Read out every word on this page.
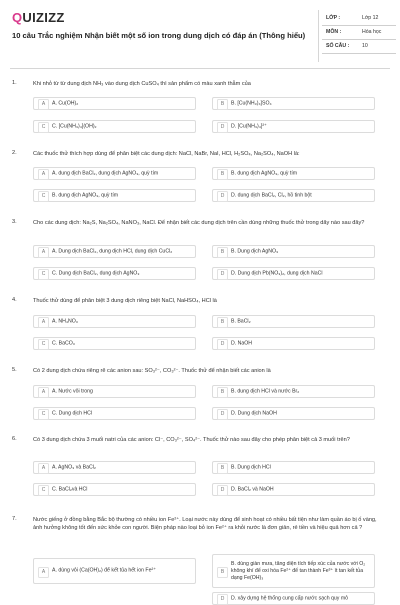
QUIZIZZ
10 câu Trắc nghiệm Nhận biết một số ion trong dung dịch có đáp án (Thông hiểu)
LỚP :	Lớp 12
MÔN :	Hóa học
SỐ CÂU : 10
1.	Khi nhỏ từ từ dung dịch NH₃ vào dung dịch CuSO₄ thì sản phẩm có màu xanh thẫm của
A	A. Cu(OH)₂	B	B. [Cu(NH₃)₄]SO₄
C	C. [Cu(NH₃)₄](OH)₂	D	D. [Cu(NH₃)₄]²⁺
2.	Các thuốc thử thích hợp dùng để phân biệt các dung dịch: NaCl, NaBr, NaI, HCl, H₂SO₄, Na₂SO₄, NaOH là:
A	A. dung dịch BaCl₂, dung dịch AgNO₃, quỳ tím	B	B. dung dịch AgNO₃, quỳ tím
C	B. dung dịch AgNO₃, quỳ tím	D	D. dung dịch BaCl₂, Cl₂, hồ tinh bột
3.	Cho các dung dịch: Na₂S, Na₂SO₄, NaNO₃, NaCl. Để nhận biết các dung dịch trên cần dùng những thuốc thử trong dãy nào sau đây?
A	A. Dung dịch BaCl₂, dung dịch HCl, dung dịch CuCl₂	B	B. Dung dịch AgNO₃
C	C. Dung dịch BaCl₂, dung dịch AgNO₃	D	D. Dung dịch Pb(NO₃)₂, dung dịch NaCl
4.	Thuốc thử dùng để phân biệt 3 dung dịch riêng biệt NaCl, NaHSO₄, HCl là
A	A. NH₄NO₃	B	B. BaCl₂
C	C. BaCO₃	D	D. NaOH
5.	Có 2 dung dịch chứa riêng rẽ các anion sau: SO₃²⁻, CO₃²⁻. Thuốc thử để nhận biết các anion là
A	A. Nước vôi trong	B	B. dung dịch HCl và nước Br₂
C	C. Dung dịch HCl	D	D. Dung dịch NaOH
6.	Có 3 dung dịch chứa 3 muối natri của các anion: Cl⁻, CO₃²⁻, SO₄²⁻. Thuốc thử nào sau đây cho phép phân biệt cả 3 muối trên?
A	A. AgNO₃ và BaCl₂	B	B. Dung dịch HCl
C	C. BaCl₂và HCl	D	D. BaCl₂ và NaOH
7.	Nước giếng ở đồng bằng Bắc bộ thường có nhiều ion Fe²⁺. Loại nước này dùng để sinh hoạt có nhiều bất tiện như làm quần áo bị ố vàng, ảnh hưởng không tốt đến sức khỏe con người. Biện pháp nào loại bỏ ion Fe²⁺ ra khỏi nước là đơn giản, rẻ tiền và hiệu quả hơn cả ?
A	A. dùng vôi (Ca(OH)₂) để kết tủa hết ion Fe²⁺	B
B. dùng giàn mưa, tăng diện tích tiếp xúc của nước với O₂ không khí để oxi hóa Fe²⁺ để tan thành Fe³⁺ ít tan kết tủa dạng Fe(OH)₃
D	D. xây dựng hệ thống cung cấp nước sạch quy mô
